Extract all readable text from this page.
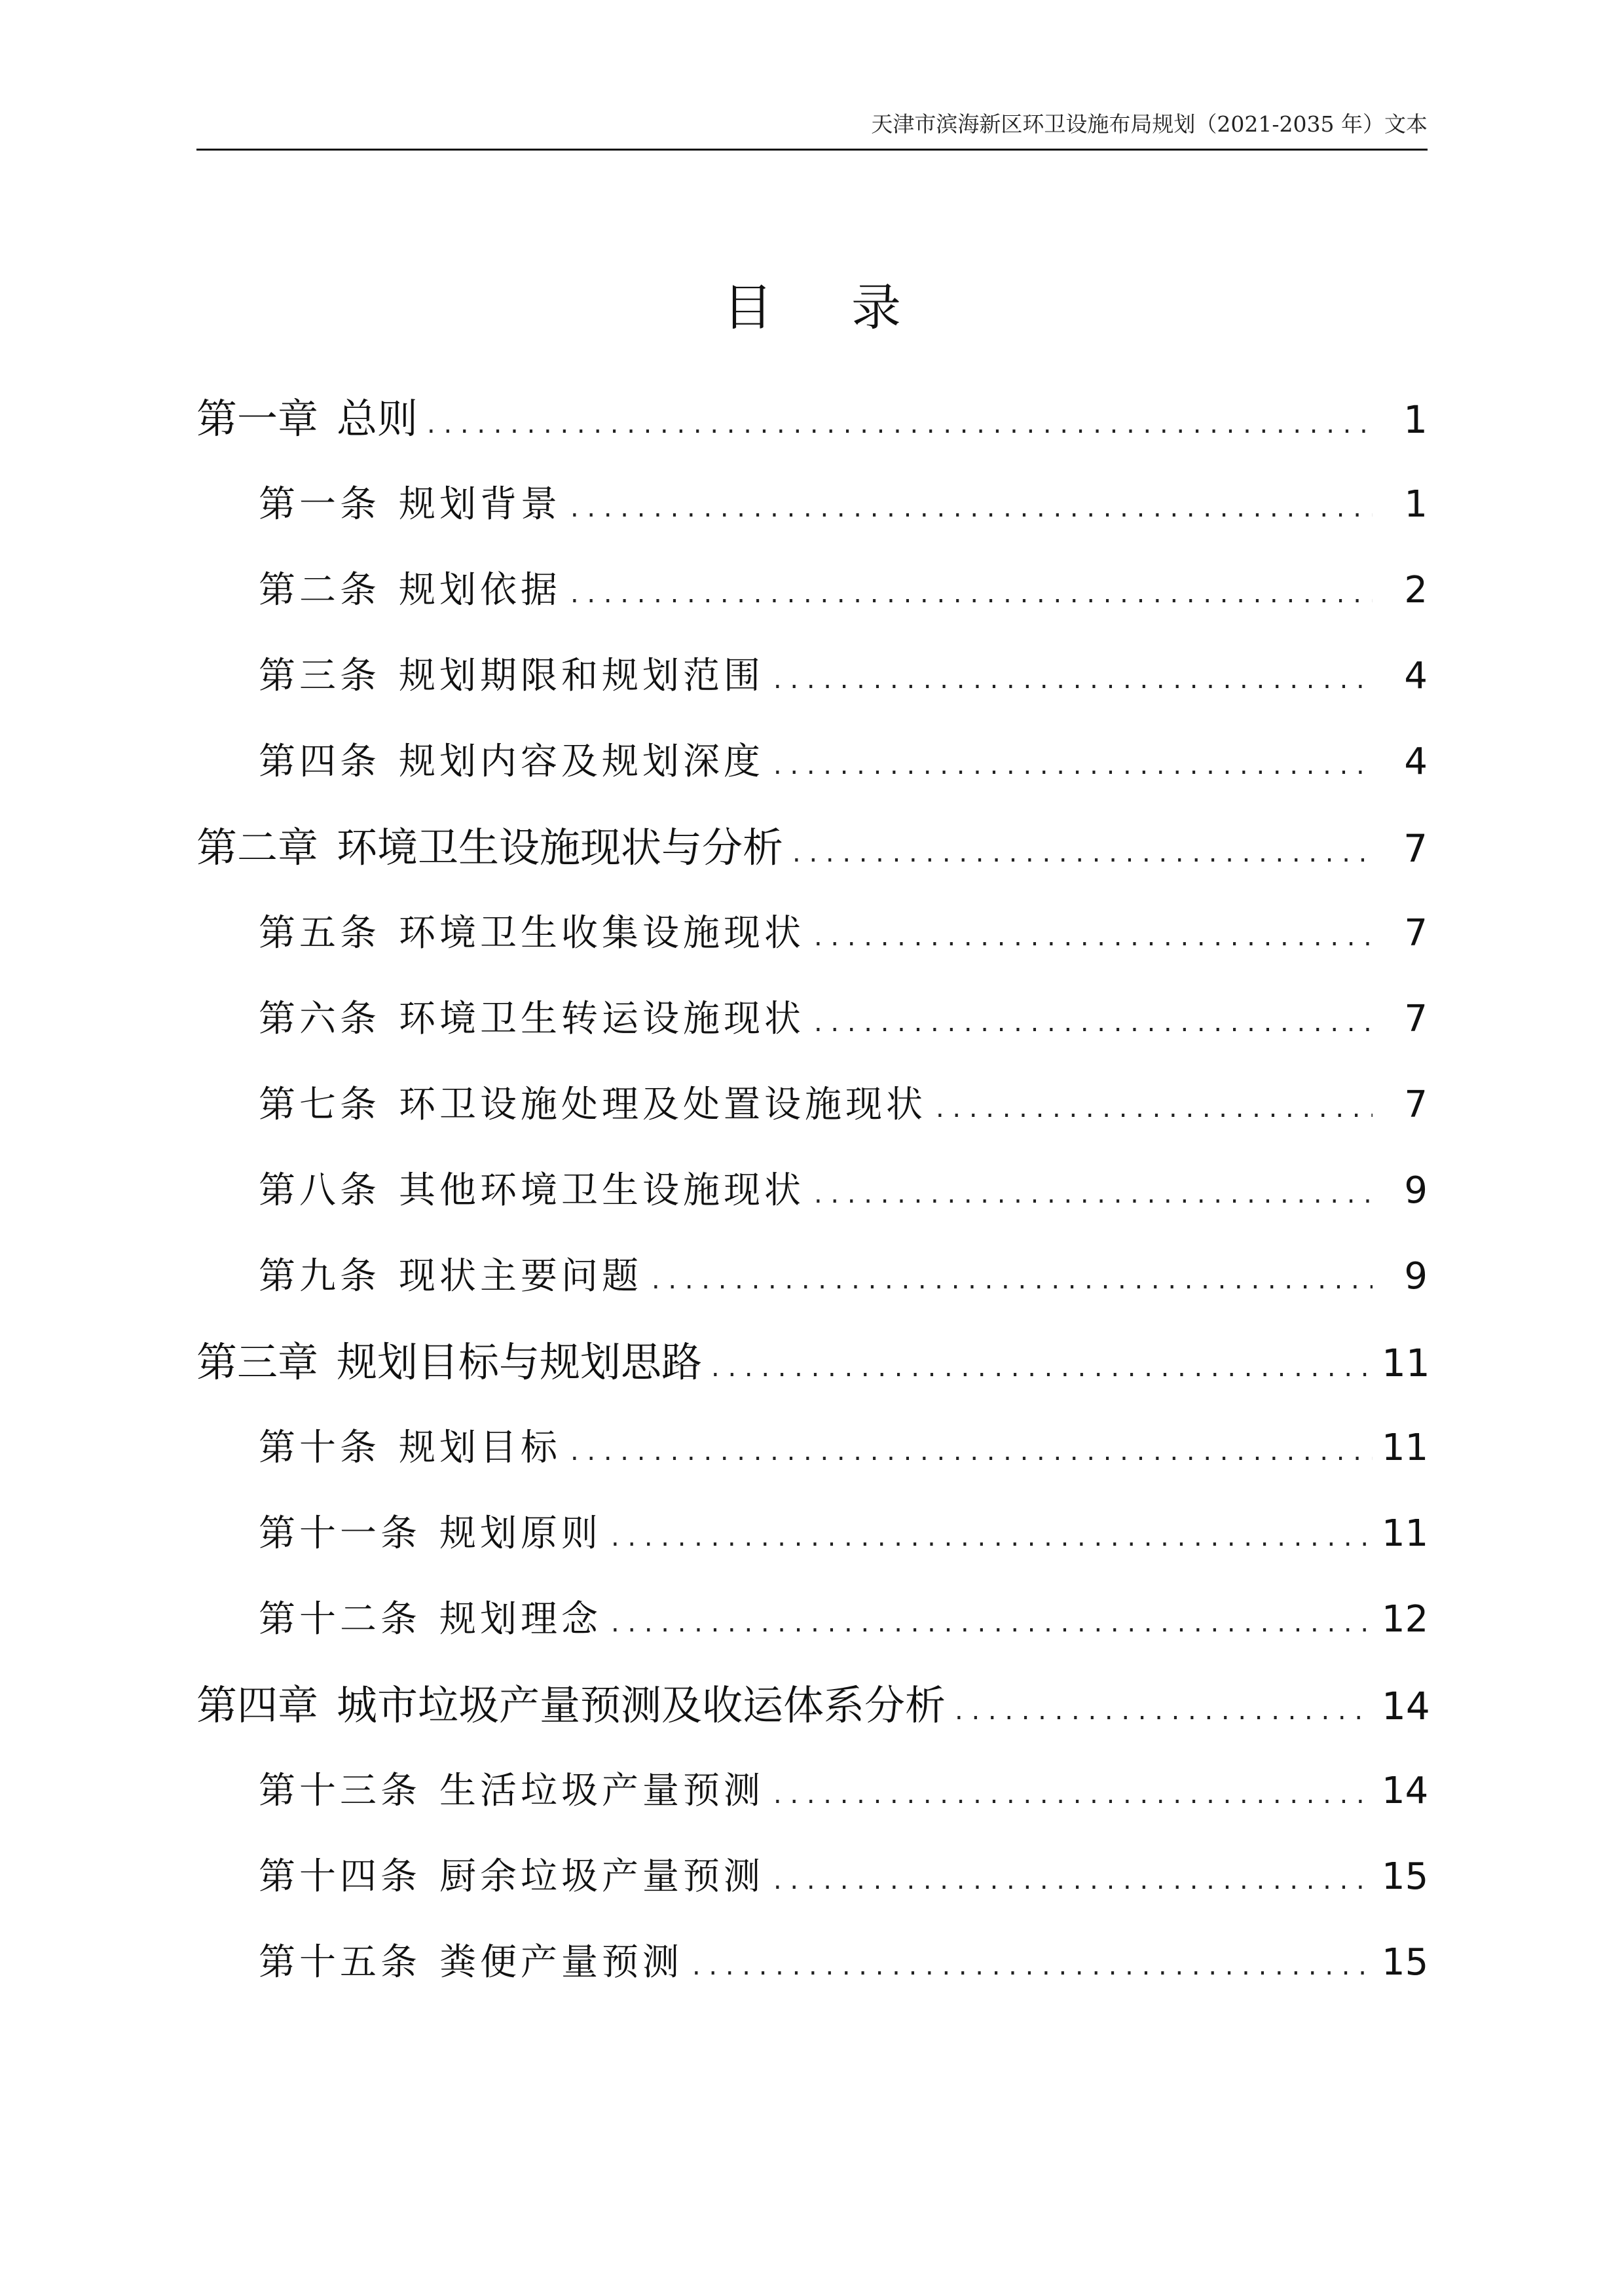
天津市滨海新区环卫设施布局规划（2021-2035 年）文本
目 录
第一章 总则 . . .	1
第一条 规划背景 . . .	1
第二条 规划依据 . . .	2
第三条 规划期限和规划范围 . . .	4
第四条 规划内容及规划深度 . . .	4
第二章 环境卫生设施现状与分析 . . .	7
第五条 环境卫生收集设施现状 . . .	7
第六条 环境卫生转运设施现状 . . .	7
第七条 环卫设施处理及处置设施现状 . . .	7
第八条 其他环境卫生设施现状 . . .	9
第九条 现状主要问题 . . .	9
第三章 规划目标与规划思路 . . .	11
第十条 规划目标 . . .	11
第十一条 规划原则 . . .	11
第十二条 规划理念 . . .	12
第四章 城市垃圾产量预测及收运体系分析 . . .	14
第十三条 生活垃圾产量预测 . . .	14
第十四条 厨余垃圾产量预测 . . .	15
第十五条 粪便产量预测 . . .	15
